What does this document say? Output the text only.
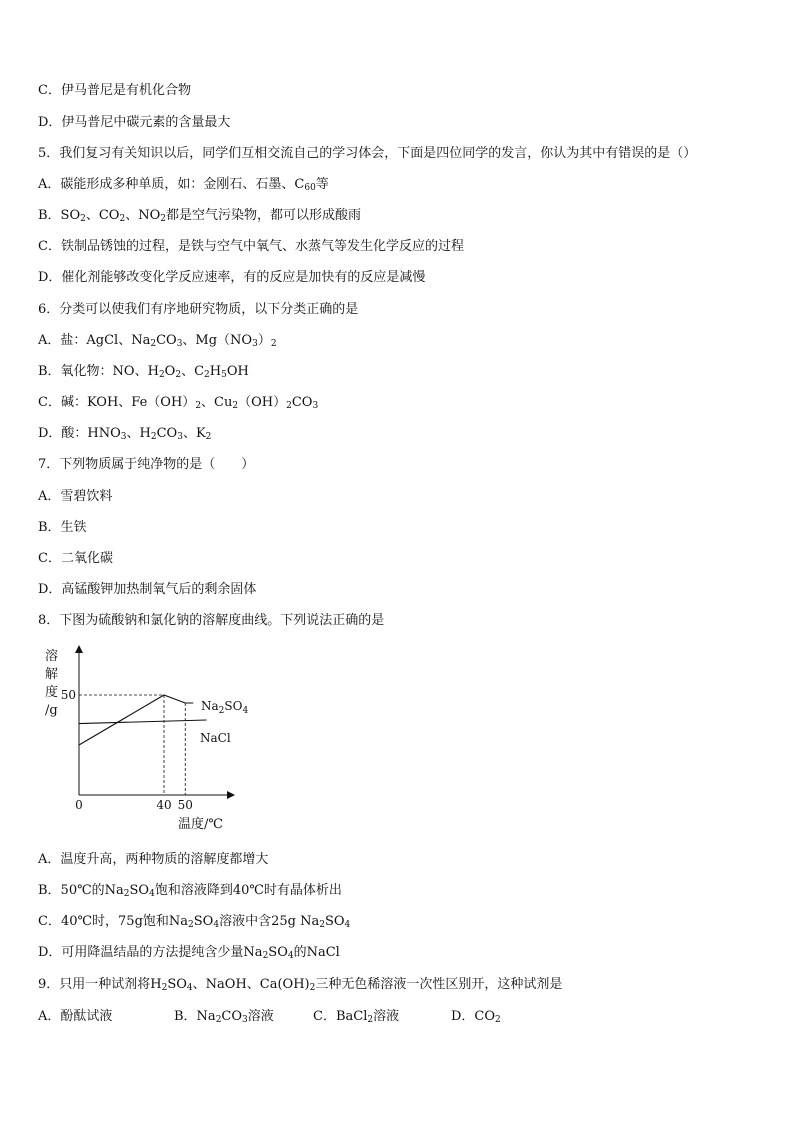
C．伊马普尼是有机化合物
D．伊马普尼中碳元素的含量最大
5．我们复习有关知识以后，同学们互相交流自己的学习体会，下面是四位同学的发言，你认为其中有错误的是（）
A．碳能形成多种单质，如：金刚石、石墨、$C_{60}$等
B．$SO_2$、$CO_2$、$NO_2$都是空气污染物，都可以形成酸雨
C．铁制品锈蚀的过程，是铁与空气中氧气、水蒸气等发生化学反应的过程
D．催化剂能够改变化学反应速率，有的反应是加快有的反应是减慢
6．分类可以使我们有序地研究物质，以下分类正确的是
A．盐：AgCl、$Na_2CO_3$、$Mg(NO_3)_2$
B．氧化物：NO、$H_2O_2$、$C_2H_5OH$
C．碱：KOH、$Fe(OH)_2$、$Cu_2(OH)_2CO_3$
D．酸：$HNO_3$、$H_2CO_3$、$K_2$
7．下列物质属于纯净物的是（　　）
A．雪碧饮料
B．生铁
C．二氧化碳
D．高锰酸钾加热制氧气后的剩余固体
8．下图为硫酸钠和氯化钠的溶解度曲线。下列说法正确的是
溶
解
度
/g
0	40 50
50
温度/℃
$Na_2SO_4$
NaCl
A．温度升高，两种物质的溶解度都增大
B．50℃的$Na_2SO_4$饱和溶液降到40℃时有晶体析出
C．40℃时，75g饱和$Na_2SO_4$溶液中含25g $Na_2SO_4$
D．可用降温结晶的方法提纯含少量$Na_2SO_4$的NaCl
9．只用一种试剂将$H_2SO_4$、NaOH、$Ca(OH)_2$三种无色稀溶液一次性区别开，这种试剂是
A．酚酞试液	B．$Na_2CO_3$溶液	C．BaCl$_2$溶液	D．$CO_2$
